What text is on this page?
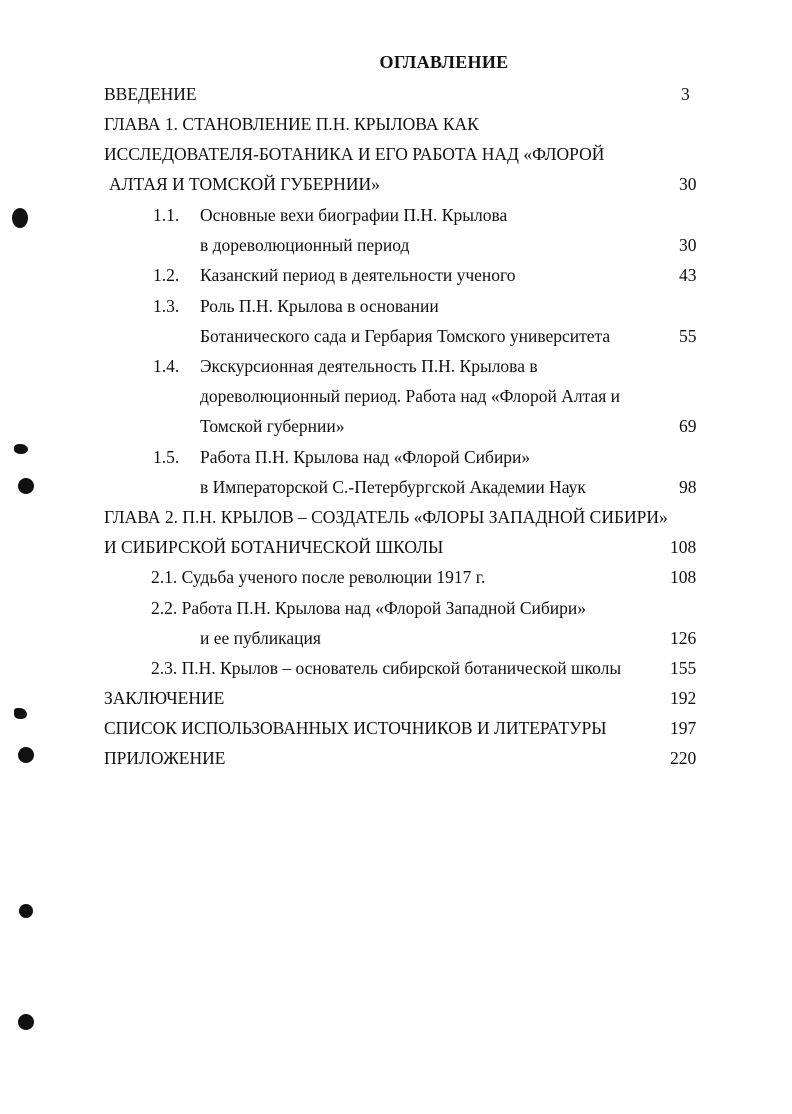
ОГЛАВЛЕНИЕ
ВВЕДЕНИЕ	3
ГЛАВА 1. СТАНОВЛЕНИЕ П.Н. КРЫЛОВА КАК
ИССЛЕДОВАТЕЛЯ-БОТАНИКА И ЕГО РАБОТА НАД «ФЛОРОЙ
АЛТАЯ И ТОМСКОЙ ГУБЕРНИИ»	30
1.1. Основные вехи биографии П.Н. Крылова
в дореволюционный период	30
1.2. Казанский период в деятельности ученого	43
1.3. Роль П.Н. Крылова в основании
Ботанического сада и Гербария Томского университета	55
1.4. Экскурсионная деятельность П.Н. Крылова в
дореволюционный период. Работа над «Флорой Алтая и
Томской губернии»	69
1.5. Работа П.Н. Крылова над «Флорой Сибири»
в Императорской С.-Петербургской Академии Наук	98
ГЛАВА 2. П.Н. КРЫЛОВ – СОЗДАТЕЛЬ «ФЛОРЫ ЗАПАДНОЙ СИБИРИ»
И СИБИРСКОЙ БОТАНИЧЕСКОЙ ШКОЛЫ	108
2.1. Судьба ученого после революции 1917 г.	108
2.2. Работа П.Н. Крылова над «Флорой Западной Сибири»
и ее публикация	126
2.3. П.Н. Крылов – основатель сибирской ботанической школы	155
ЗАКЛЮЧЕНИЕ	192
СПИСОК ИСПОЛЬЗОВАННЫХ ИСТОЧНИКОВ И ЛИТЕРАТУРЫ	197
ПРИЛОЖЕНИЕ	220
